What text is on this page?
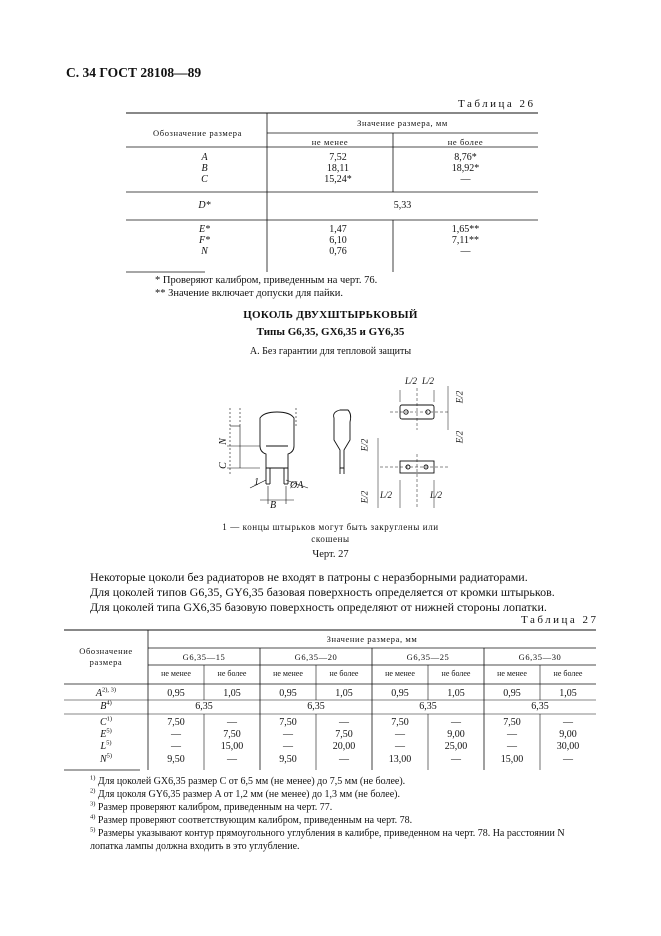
С. 34 ГОСТ 28108—89
Таблица 26
Обозначение размера
Значение размера, мм
не менее	не более
A	7,52	8,76*
B	18,11	18,92*
C	15,24*	—
D*	5,33
E*	1,47	1,65**
F*	6,10	7,11**
N	0,76	—
* Проверяют калибром, приведенным на черт. 76.
** Значение включает допуски для пайки.
ЦОКОЛЬ ДВУХШТЫРЬКОВЫЙ
Типы G6,35, GX6,35 и GY6,35
А. Без гарантии для тепловой защиты
C
N
1
B
ØA
L/2 L/2
E/2
E/2
E/2
E/2 L/2	L/2
1 — концы штырьков могут быть закруглены или
скошены
Черт. 27
Некоторые цоколи без радиаторов не входят в патроны с неразборными радиаторами.
Для цоколей типов G6,35, GY6,35 базовая поверхность определяется от кромки штырьков.
Для цоколей типа GX6,35 базовую поверхность определяют от нижней стороны лопатки.
Таблица 27
Обозначение
размера
Значение размера, мм
G6,35—15	G6,35—20	G6,35—25	G6,35—30
не менее	не более	не менее	не более	не менее	не более	не менее	не более
$A^{2), 3)}$	0,95	1,05	0,95	1,05	0,95	1,05	0,95	1,05
$B^{4)}$	6,35	6,35	6,35	6,35
$C^{1)}$	7,50	—	7,50	—	7,50	—	7,50	—
$E^{5)}$	—	7,50	—	7,50	—	9,00	—	9,00
$L^{5)}$	—	15,00	—	20,00	—	25,00	—	30,00
$N^{5)}$	9,50	—	9,50	—	13,00	—	15,00	—
$^{1)}$ Для цоколей GX6,35 размер C от 6,5 мм (не менее) до 7,5 мм (не более).
$^{2)}$ Для цоколя GY6,35 размер A от 1,2 мм (не менее) до 1,3 мм (не более).
$^{3)}$ Размер проверяют калибром, приведенным на черт. 77.
$^{4)}$ Размер проверяют соответствующим калибром, приведенным на черт. 78.
$^{5)}$ Размеры указывают контур прямоугольного углубления в калибре, приведенном на черт. 78. На расстоянии N лопатка лампы должна входить в это углубление.
